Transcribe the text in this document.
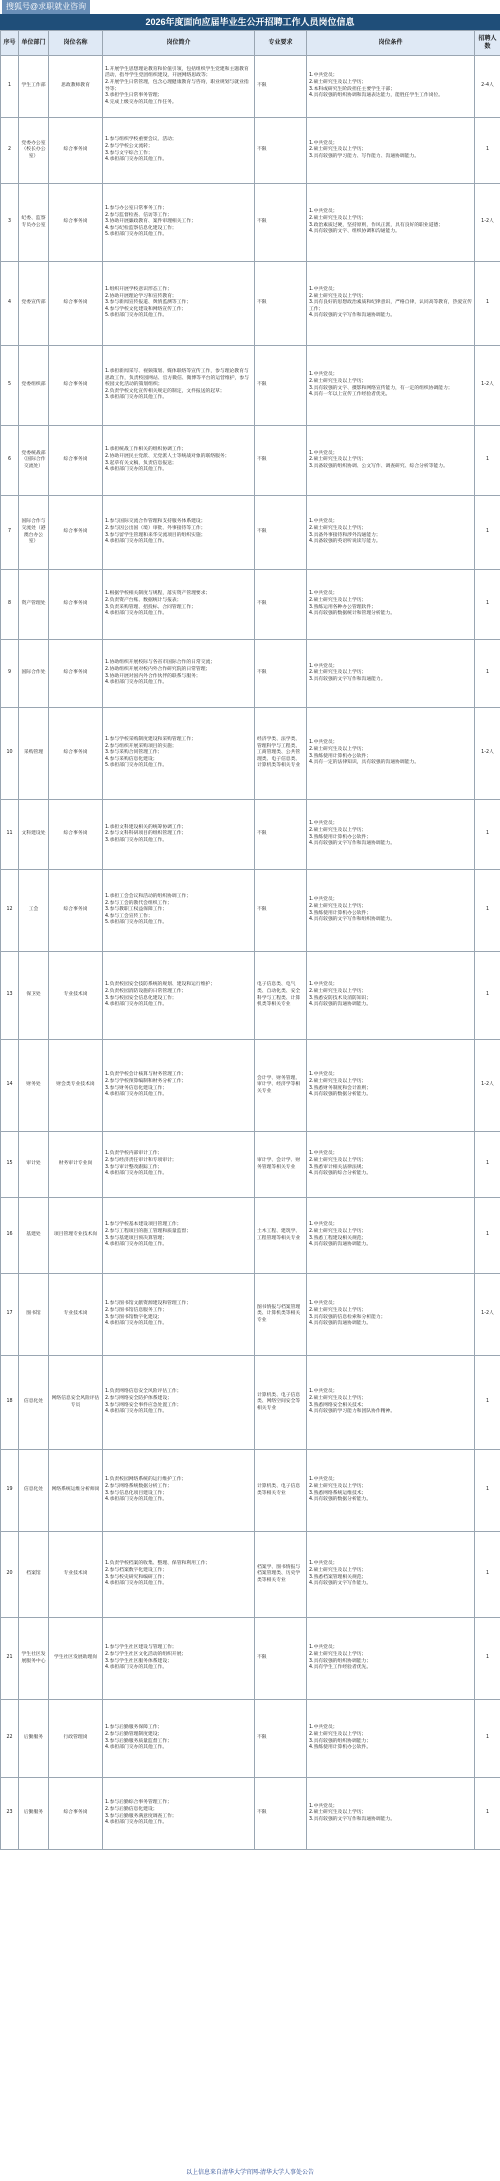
搜狐号@求职就业咨询
2026年度面向应届毕业生公开招聘工作人员岗位信息
序号	单位部门	岗位名称	岗位简介	专业要求	岗位条件	招聘人数
1	学生工作部	思政教师教育	1.开展学生思想理论教育和价值引领，包括组织学生党建和主题教育活动，指导学生党团组织建设，开展网络思政等；
2.开展学生日常管理，包含心理健康教育与咨询，职业规划与就业指导等；
3.承担学生日常事务管理；
4.完成上级交办的其他工作任务。	不限	1.中共党员；
2.硕士研究生及以上学历；
3.本科或研究生阶段担任主要学生干部；
4.具有较强的组织协调和沟通表达能力，能胜任学生工作岗位。	2-4人
2	党委办公室（校长办公室）	综合事务岗	1.参与组织学校重要会议、活动；
2.参与学校公文流转；
3.参与文字综合工作；
4.承担部门交办的其他工作。	不限	1.中共党员；
2.硕士研究生及以上学历；
3.具有较强的学习能力、写作能力、沟通协调能力。	1
3	纪委、监察专员办公室	综合事务岗	1.参与办公室日常事务工作；
2.参与监督检查、信访等工作；
3.协助开展廉政教育、案件审理相关工作；
4.参与纪检监察信息化建设工作；
5.承担部门交办的其他工作。	不限	1.中共党员；
2.硕士研究生及以上学历；
3.政治素质过硬，坚持原则，作风正派，具有良好的职业道德；
4.具有较强的文字、组织协调和沟通能力。	1-2人
4	党委宣传部	综合事务岗	1.组织开展学校意识形态工作；
2.协助开展理论学习和宣传教育；
3.参与新闻宣传报道、舆情监测等工作；
4.参与学校文化建设和网络宣传工作；
5.承担部门交办的其他工作。	不限	1.中共党员；
2.硕士研究生及以上学历；
3.具有良好的思想政治素质和纪律意识，严格自律，认同高等教育，热爱宣传工作；
4.具有较强的文字写作和沟通协调能力。	1
5	党委组织部	综合事务岗	1.承担新闻采写、视频策划、媒体联络等宣传工作，参与理论教育与思政工作，负责校园网站、官方微信、微博等平台的运营维护，参与校园文化活动的策划组织；
2.负责学校文化宣传相关规定的制定，文件报送的起草；
3.承担部门交办的其他工作。	不限	1.中共党员；
2.硕士研究生及以上学历；
3.具有较强的文字、摄影和网络宣传能力，有一定的组织协调能力；
4.具有一年以上宣传工作经验者优先。	1-2人
6	党委统战部（国际合作交流处）	综合事务岗	1.承担统战工作相关的组织协调工作；
2.协助开展民主党派、无党派人士等统战对象的联络服务；
3.起草有关文稿，负责信息报送；
4.承担部门交办的其他工作。	不限	1.中共党员；
2.硕士研究生及以上学历；
3.具备较强的组织协调、公文写作、调查研究、综合分析等能力。	1
7	国际合作与交流处（港澳台办公室）	综合事务岗	1.参与国际交流合作管理和支持服务体系建设；
2.参与因公出国（境）审批、外事接待等工作；
3.参与留学生管理和来华交流项目的组织实施；
4.承担部门交办的其他工作。	不限	1.中共党员；
2.硕士研究生及以上学历；
3.具备外事接待和涉外沟通能力；
4.具备较强的英语听说读写能力。	1
8	资产管理处	综合事务岗	1.根据学校相关制度与规程，落实资产管理要求；
2.负责资产台账、数据统计与报表；
3.负责采购管理、招投标、合同管理工作；
4.承担部门交办的其他工作。	不限	1.中共党员；
2.硕士研究生及以上学历；
3.熟练运用各种办公管理软件；
4.具有较强的数据统计和管理分析能力。	1
9	国际合作处	综合事务岗	1.协助组织开展校际与各省市国际合作的日常交流；
2.协助组织开展对校内外合作研究院的日常管理；
3.协助开展对国内外合作伙伴的联系与服务；
4.承担部门交办的其他工作。	不限	1.中共党员；
2.硕士研究生及以上学历；
3.具有较强的文字写作和沟通能力。	1
10	采购管理	综合事务岗	1.参与学校采购制度建设和采购管理工作；
2.参与组织开展采购项目的实施；
3.参与采购合同管理工作；
4.参与采购信息化建设；
5.承担部门交办的其他工作。	经济学类、法学类、管理科学与工程类、工商管理类、公共管理类、电子信息类、计算机类等相关专业	1.中共党员；
2.硕士研究生及以上学历；
3.熟练使用计算机办公软件；
4.具有一定的法律知识，具有较强的沟通协调能力。	1-2人
11	文科建设处	综合事务岗	1.承担文科建设相关的统筹协调工作；
2.参与文科科研项目的组织管理工作；
3.承担部门交办的其他工作。	不限	1.中共党员；
2.硕士研究生及以上学历；
3.熟练使用计算机办公软件；
4.具有较强的文字写作和沟通协调能力。	1
12	工会	综合事务岗	1.承担工会会议和活动的组织协调工作；
2.参与工会的教代会组织工作；
3.参与教职工权益保障工作；
4.参与工会宣传工作；
5.承担部门交办的其他工作。	不限	1.中共党员；
2.硕士研究生及以上学历；
3.熟练使用计算机办公软件；
4.具有较强的文字写作和组织协调能力。	1
13	保卫处	专业技术岗	1.负责校园安全技防系统的规划、建设和运行维护；
2.负责校园消防设施的日常管理工作；
3.参与校园安全信息化建设工作；
4.承担部门交办的其他工作。	电子信息类、电气类、自动化类、安全科学与工程类、计算机类等相关专业	1.中共党员；
2.硕士研究生及以上学历；
3.熟悉安防技术及消防知识；
4.具有较强的沟通协调能力。	1
14	财务处	财会类专业技术岗	1.负责学校会计核算与财务管理工作；
2.参与学校预算编制和财务分析工作；
3.参与财务信息化建设工作；
4.承担部门交办的其他工作。	会计学、财务管理、审计学、经济学等相关专业	1.中共党员；
2.硕士研究生及以上学历；
3.熟悉财务制度和会计准则；
4.具有较强的数据分析能力。	1-2人
15	审计处	财务审计专业岗	1.负责学校内部审计工作；
2.参与经济责任审计和专项审计；
3.参与审计整改跟踪工作；
4.承担部门交办的其他工作。	审计学、会计学、财务管理等相关专业	1.中共党员；
2.硕士研究生及以上学历；
3.熟悉审计相关法律法规；
4.具有较强的综合分析能力。	1
16	基建处	项目管理专业技术岗	1.参与学校基本建设项目管理工作；
2.参与工程项目的施工管理和质量监督；
3.参与基建项目预决算管理；
4.承担部门交办的其他工作。	土木工程、建筑学、工程管理等相关专业	1.中共党员；
2.硕士研究生及以上学历；
3.熟悉工程建设相关规范；
4.具有较强的沟通协调能力。	1
17	图书馆	专业技术岗	1.参与图书馆文献资源建设和管理工作；
2.参与图书馆信息服务工作；
3.参与图书馆数字化建设；
4.承担部门交办的其他工作。	图书情报与档案管理类、计算机类等相关专业	1.中共党员；
2.硕士研究生及以上学历；
3.具有较强的信息检索和分析能力；
4.具有较强的沟通协调能力。	1-2人
18	信息化处	网络信息安全风险评估专员	1.负责网络信息安全风险评估工作；
2.参与网络安全防护体系建设；
3.参与网络安全事件应急处置工作；
4.承担部门交办的其他工作。	计算机类、电子信息类、网络空间安全等相关专业	1.中共党员；
2.硕士研究生及以上学历；
3.熟悉网络安全相关技术；
4.具有较强的学习能力和团队协作精神。	1
19	信息化处	网络系统运维分析师岗	1.负责校园网络系统的运行维护工作；
2.参与网络系统数据分析工作；
3.参与信息化项目建设工作；
4.承担部门交办的其他工作。	计算机类、电子信息类等相关专业	1.中共党员；
2.硕士研究生及以上学历；
3.熟悉网络系统运维技术；
4.具有较强的数据分析能力。	1
20	档案馆	专业技术岗	1.负责学校档案的收集、整理、保管和利用工作；
2.参与档案数字化建设工作；
3.参与校史研究和编研工作；
4.承担部门交办的其他工作。	档案学、图书情报与档案管理类、历史学类等相关专业	1.中共党员；
2.硕士研究生及以上学历；
3.熟悉档案管理相关规范；
4.具有较强的文字写作能力。	1
21	学生社区发展服务中心	学生社区发展助理岗	1.参与学生社区建设与管理工作；
2.参与学生社区文化活动的组织开展；
3.参与学生社区服务体系建设；
4.承担部门交办的其他工作。	不限	1.中共党员；
2.硕士研究生及以上学历；
3.具有较强的组织协调能力；
4.具有学生工作经验者优先。	1
22	后勤服务	行政管理岗	1.参与后勤服务保障工作；
2.参与后勤管理制度建设；
3.参与后勤服务质量监督工作；
4.承担部门交办的其他工作。	不限	1.中共党员；
2.硕士研究生及以上学历；
3.具有较强的组织协调能力；
4.熟练使用计算机办公软件。	1
23	后勤服务	综合事务岗	1.参与后勤综合事务管理工作；
2.参与后勤信息化建设；
3.参与后勤服务满意度调查工作；
4.承担部门交办的其他工作。	不限	1.中共党员；
2.硕士研究生及以上学历；
3.具有较强的文字写作和沟通协调能力。	1
以上信息来自清华大学官网-清华大学人事处公告
